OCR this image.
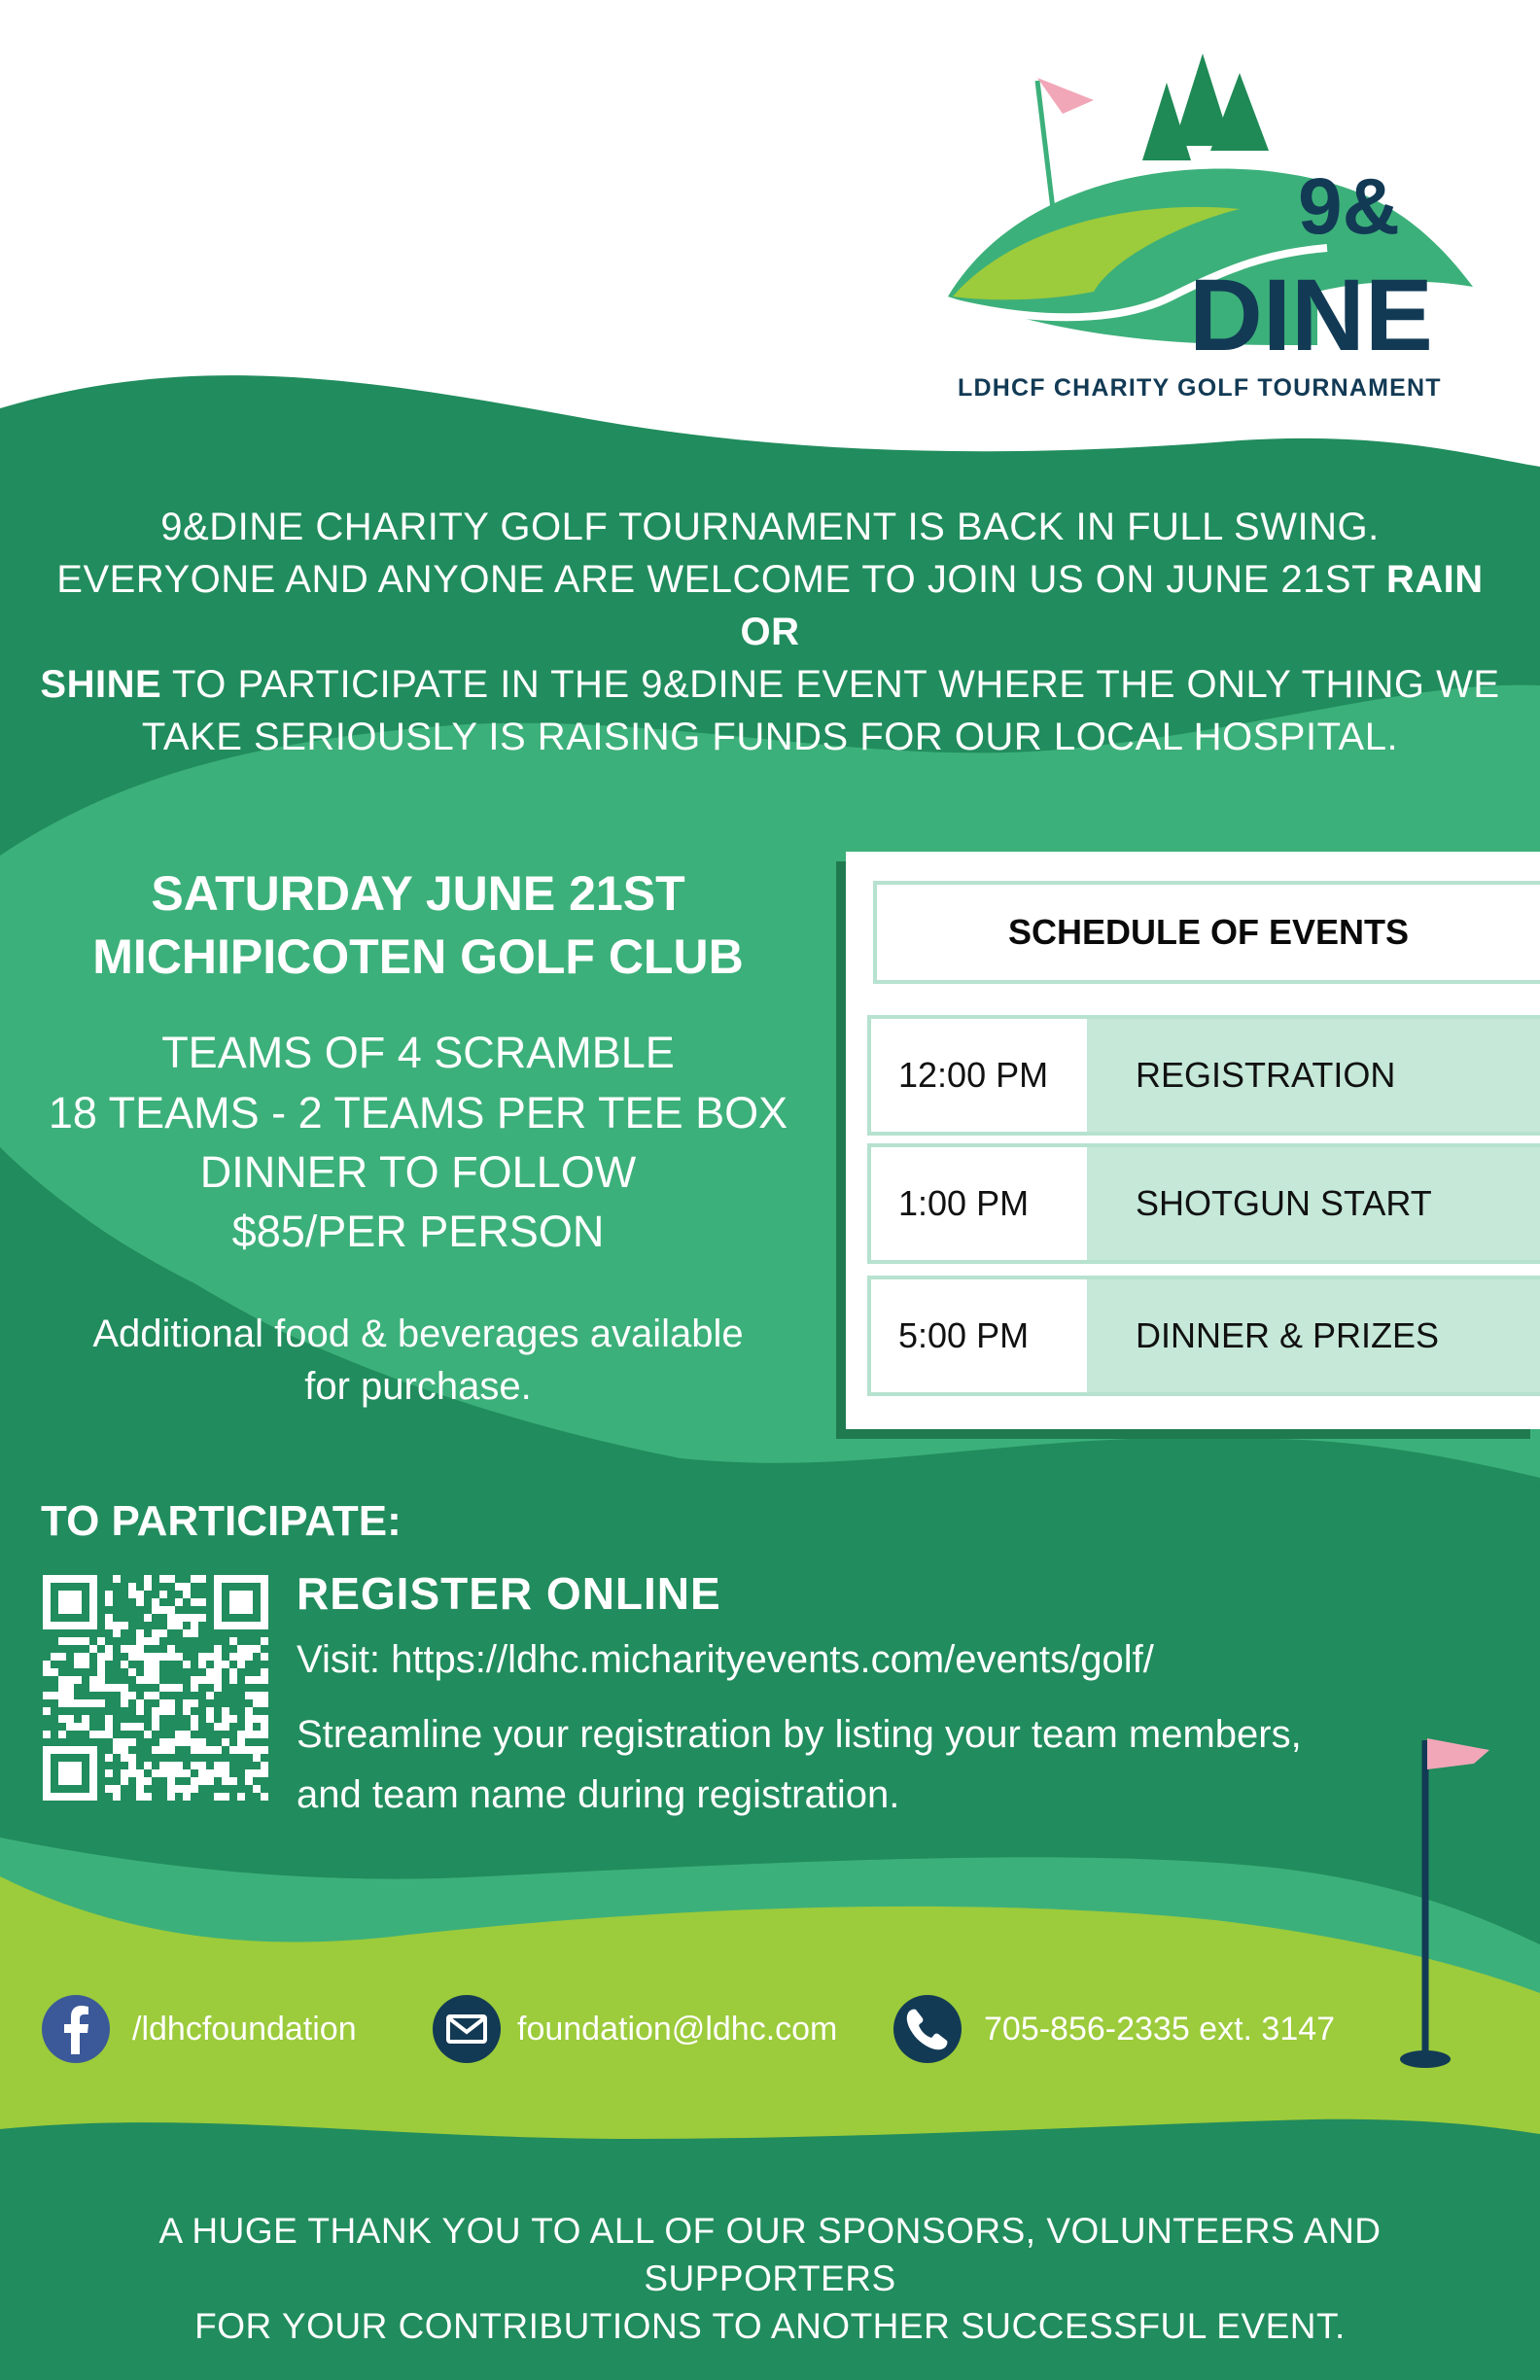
9&
DINE
LDHCF CHARITY GOLF TOURNAMENT
9&DINE CHARITY GOLF TOURNAMENT IS BACK IN FULL SWING.
EVERYONE AND ANYONE ARE WELCOME TO JOIN US ON JUNE 21ST RAIN OR
SHINE TO PARTICIPATE IN THE 9&DINE EVENT WHERE THE ONLY THING WE
TAKE SERIOUSLY IS RAISING FUNDS FOR OUR LOCAL HOSPITAL.
SATURDAY JUNE 21ST
MICHIPICOTEN GOLF CLUB
TEAMS OF 4 SCRAMBLE
18 TEAMS - 2 TEAMS PER TEE BOX
DINNER TO FOLLOW
$85/PER PERSON
Additional food & beverages available
for purchase.
SCHEDULE OF EVENTS
12:00 PM	REGISTRATION
1:00 PM	SHOTGUN START
5:00 PM	DINNER & PRIZES
TO PARTICIPATE:
REGISTER ONLINE
Visit: https://ldhc.micharityevents.com/events/golf/
Streamline your registration by listing your team members,
and team name during registration.
/ldhcfoundation	foundation@ldhc.com	705-856-2335 ext. 3147
A HUGE THANK YOU TO ALL OF OUR SPONSORS, VOLUNTEERS AND SUPPORTERS
FOR YOUR CONTRIBUTIONS TO ANOTHER SUCCESSFUL EVENT.
